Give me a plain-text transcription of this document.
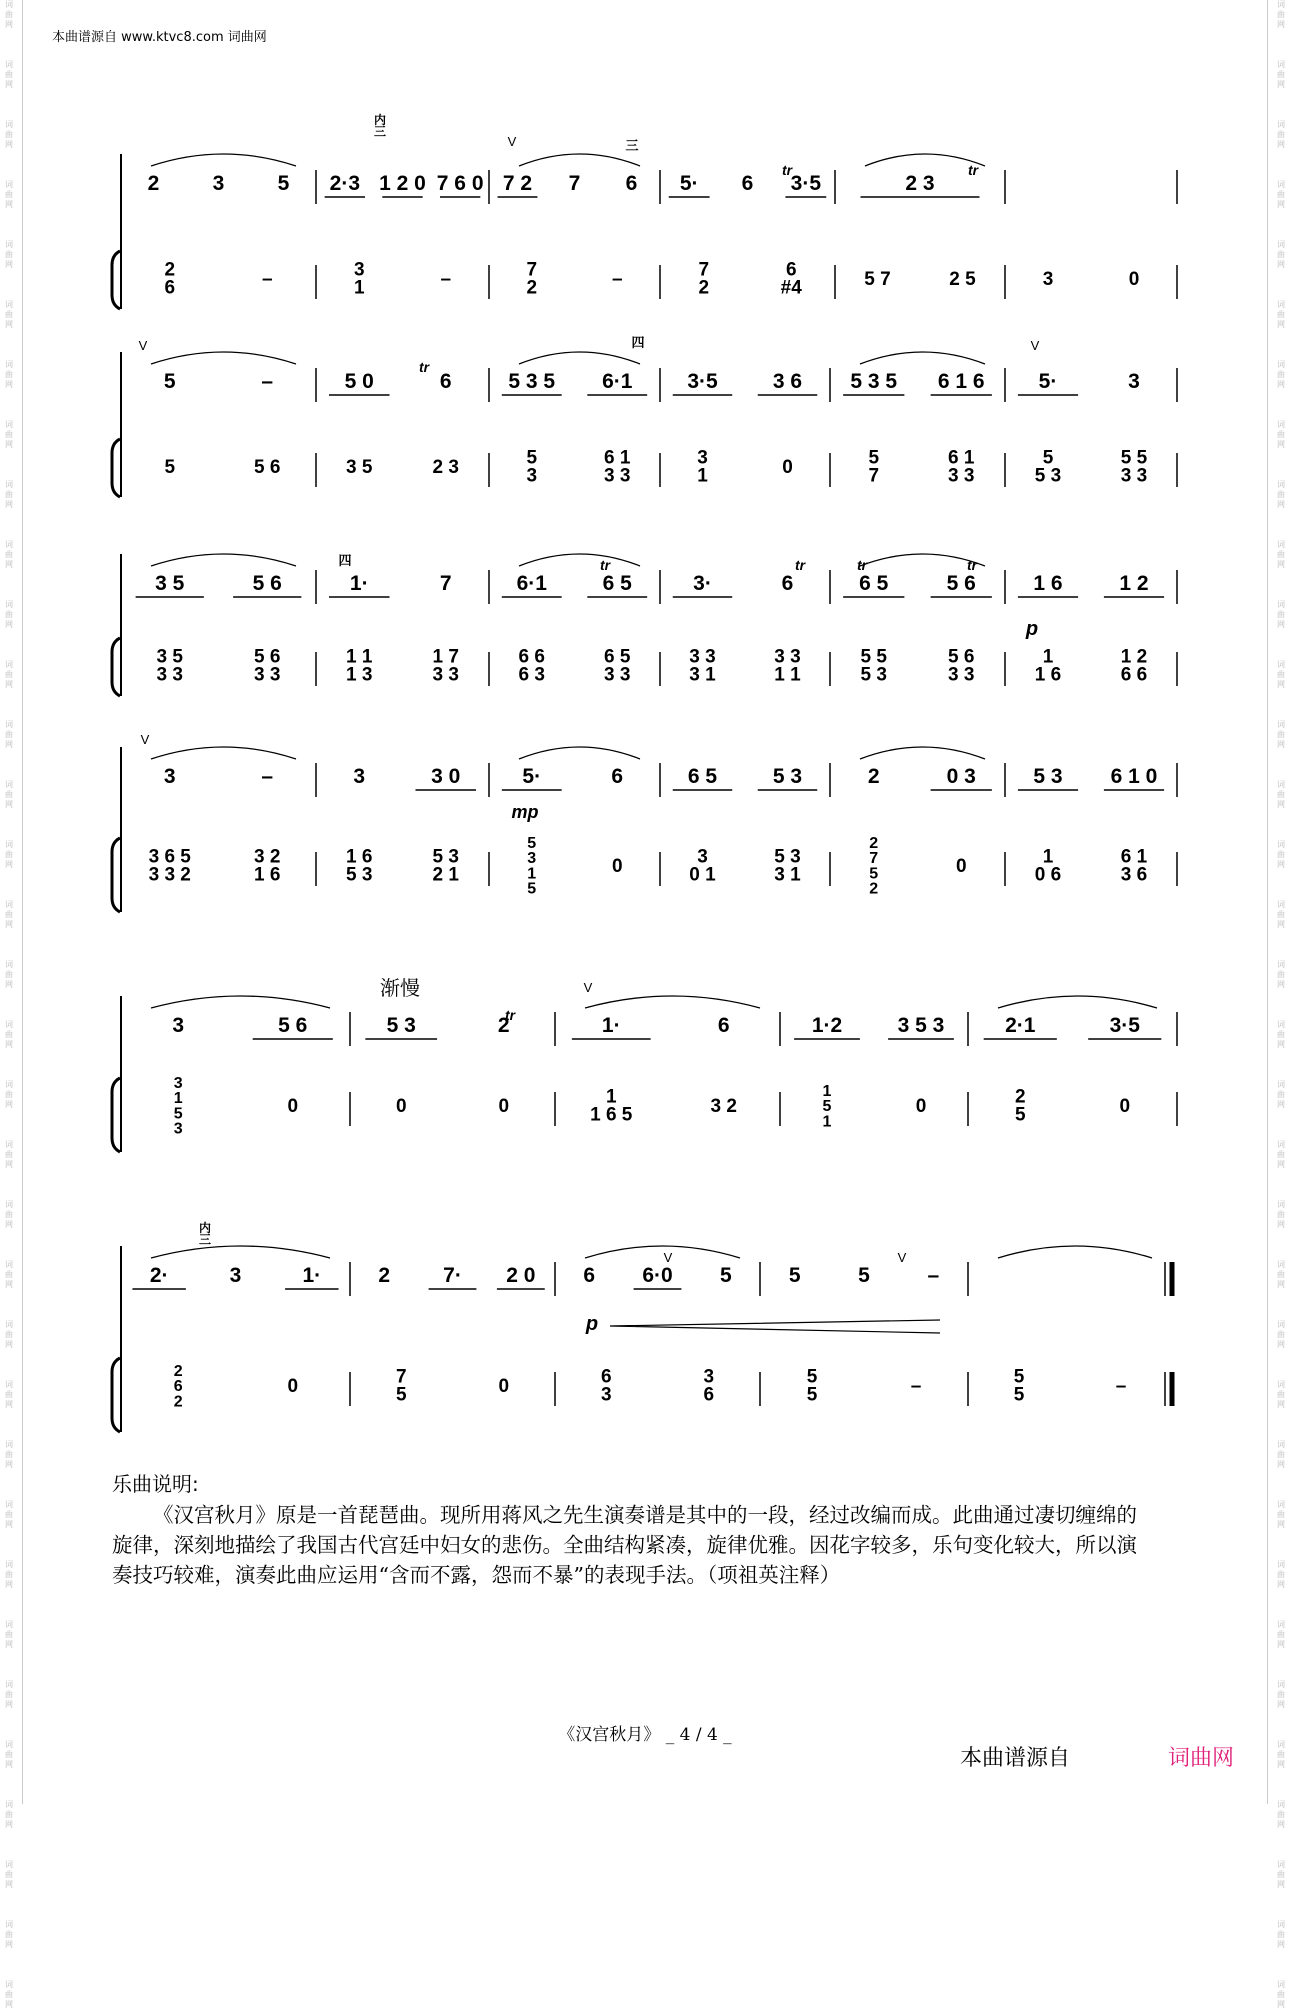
词
曲
网
词
曲
网
词
曲
网
词
曲
网
词
曲
网
词
曲
网
词
曲
网
词
曲
网
词
曲
网
词
曲
网
词
曲
网
词
曲
网
词
曲
网
词
曲
网
词
曲
网
词
曲
网
词
曲
网
词
曲
网
词
曲
网
词
曲
网
词
曲
网
词
曲
网
词
曲
网
词
曲
网
词
曲
网
词
曲
网
词
曲
网
词
曲
网
词
曲
网
词
曲
网
词
曲
网
词
曲
网
词
曲
网
词
曲
网
词
曲
网
词
曲
网
词
曲
网
词
曲
网
词
曲
网
词
曲
网
词
曲
网
词
曲
网
词
曲
网
词
曲
网
词
曲
网
词
曲
网
词
曲
网
词
曲
网
词
曲
网
词
曲
网
词
曲
网
词
曲
网
词
曲
网
词
曲
网
词
曲
网
词
曲
网
词
曲
网
词
曲
网
词
曲
网
词
曲
网
词
曲
网
词
曲
网
词
曲
网
词
曲
网
词
曲
网
词
曲
网
词
曲
网
词
曲
网
本曲谱源自 www.ktvc8.com 词曲网
2	3	5 2·3 1 2 0 7 6 0 7 2 7 6 5· 6 3·5	2 3
2
6	–	3
1	–	7
2	–	7
2
6
#4	5 7	2 5	3	0
5	–	5 0	6	5 3 5 6·1	3·5	3 6 5 3 5 6 1 6	5·	3
5	5 6	3 5	2 3	5
3
6 1
3 3
3
1	0	5
7
6 1
3 3
5
5 3
5 5
3 3
3 5	5 6	1·	7	6·1	6 5	3·	6	6 5	5 6	1 6	1 2
3 5
3 3
5 6
3 3
1 1
1 3
1 7
3 3
6 6
6 3
6 5
3 3
3 3
3 1
3 3
1 1
5 5
5 3
5 6
3 3
1
1 6
1 2
6 6
3	–	3	3 0	5·	6	6 5	5 3	2	0 3	5 3 6 1 0
3 6 5
3 3 2
3 2
1 6
1 6
5 3
5 3
2 1
5
3
1
5
0	3
0 1
5 3
3 1
2
7
5
2
0	1
0 6
6 1
3 6
3	5 6	5 3	2	1·	6	1·2	3 5 3	2·1	3·5
3
1
5
3
0	0	0	1
1 6 5	3 2
1
5
1
0	2
5	0
2·	3	1·	2	7· 2 0 6 6·0 5	5	5	–
2
6
2
0	7
5	0	6
3
3
6
5
5	–	5
5	–
内
三
三
tr	tr
V
V
tr
四	V
四	tr	tr	tr	tr
p
V
mp
渐慢
tr
V
内
三
V	V
p
乐曲说明:
《汉宫秋月》原是一首琵琶曲。现所用蒋风之先生演奏谱是其中的一段，经过改编而成。此曲通过凄切缠绵的旋律，深刻地描绘了我国古代宫廷中妇女的悲伤。全曲结构紧凑，旋律优雅。因花字较多，乐句变化较大，所以演奏技巧较难，演奏此曲应运用“含而不露，怨而不暴”的表现手法。（项祖英注释）
《汉宫秋月》 _ 4 / 4 _
本曲谱源自	词曲网
